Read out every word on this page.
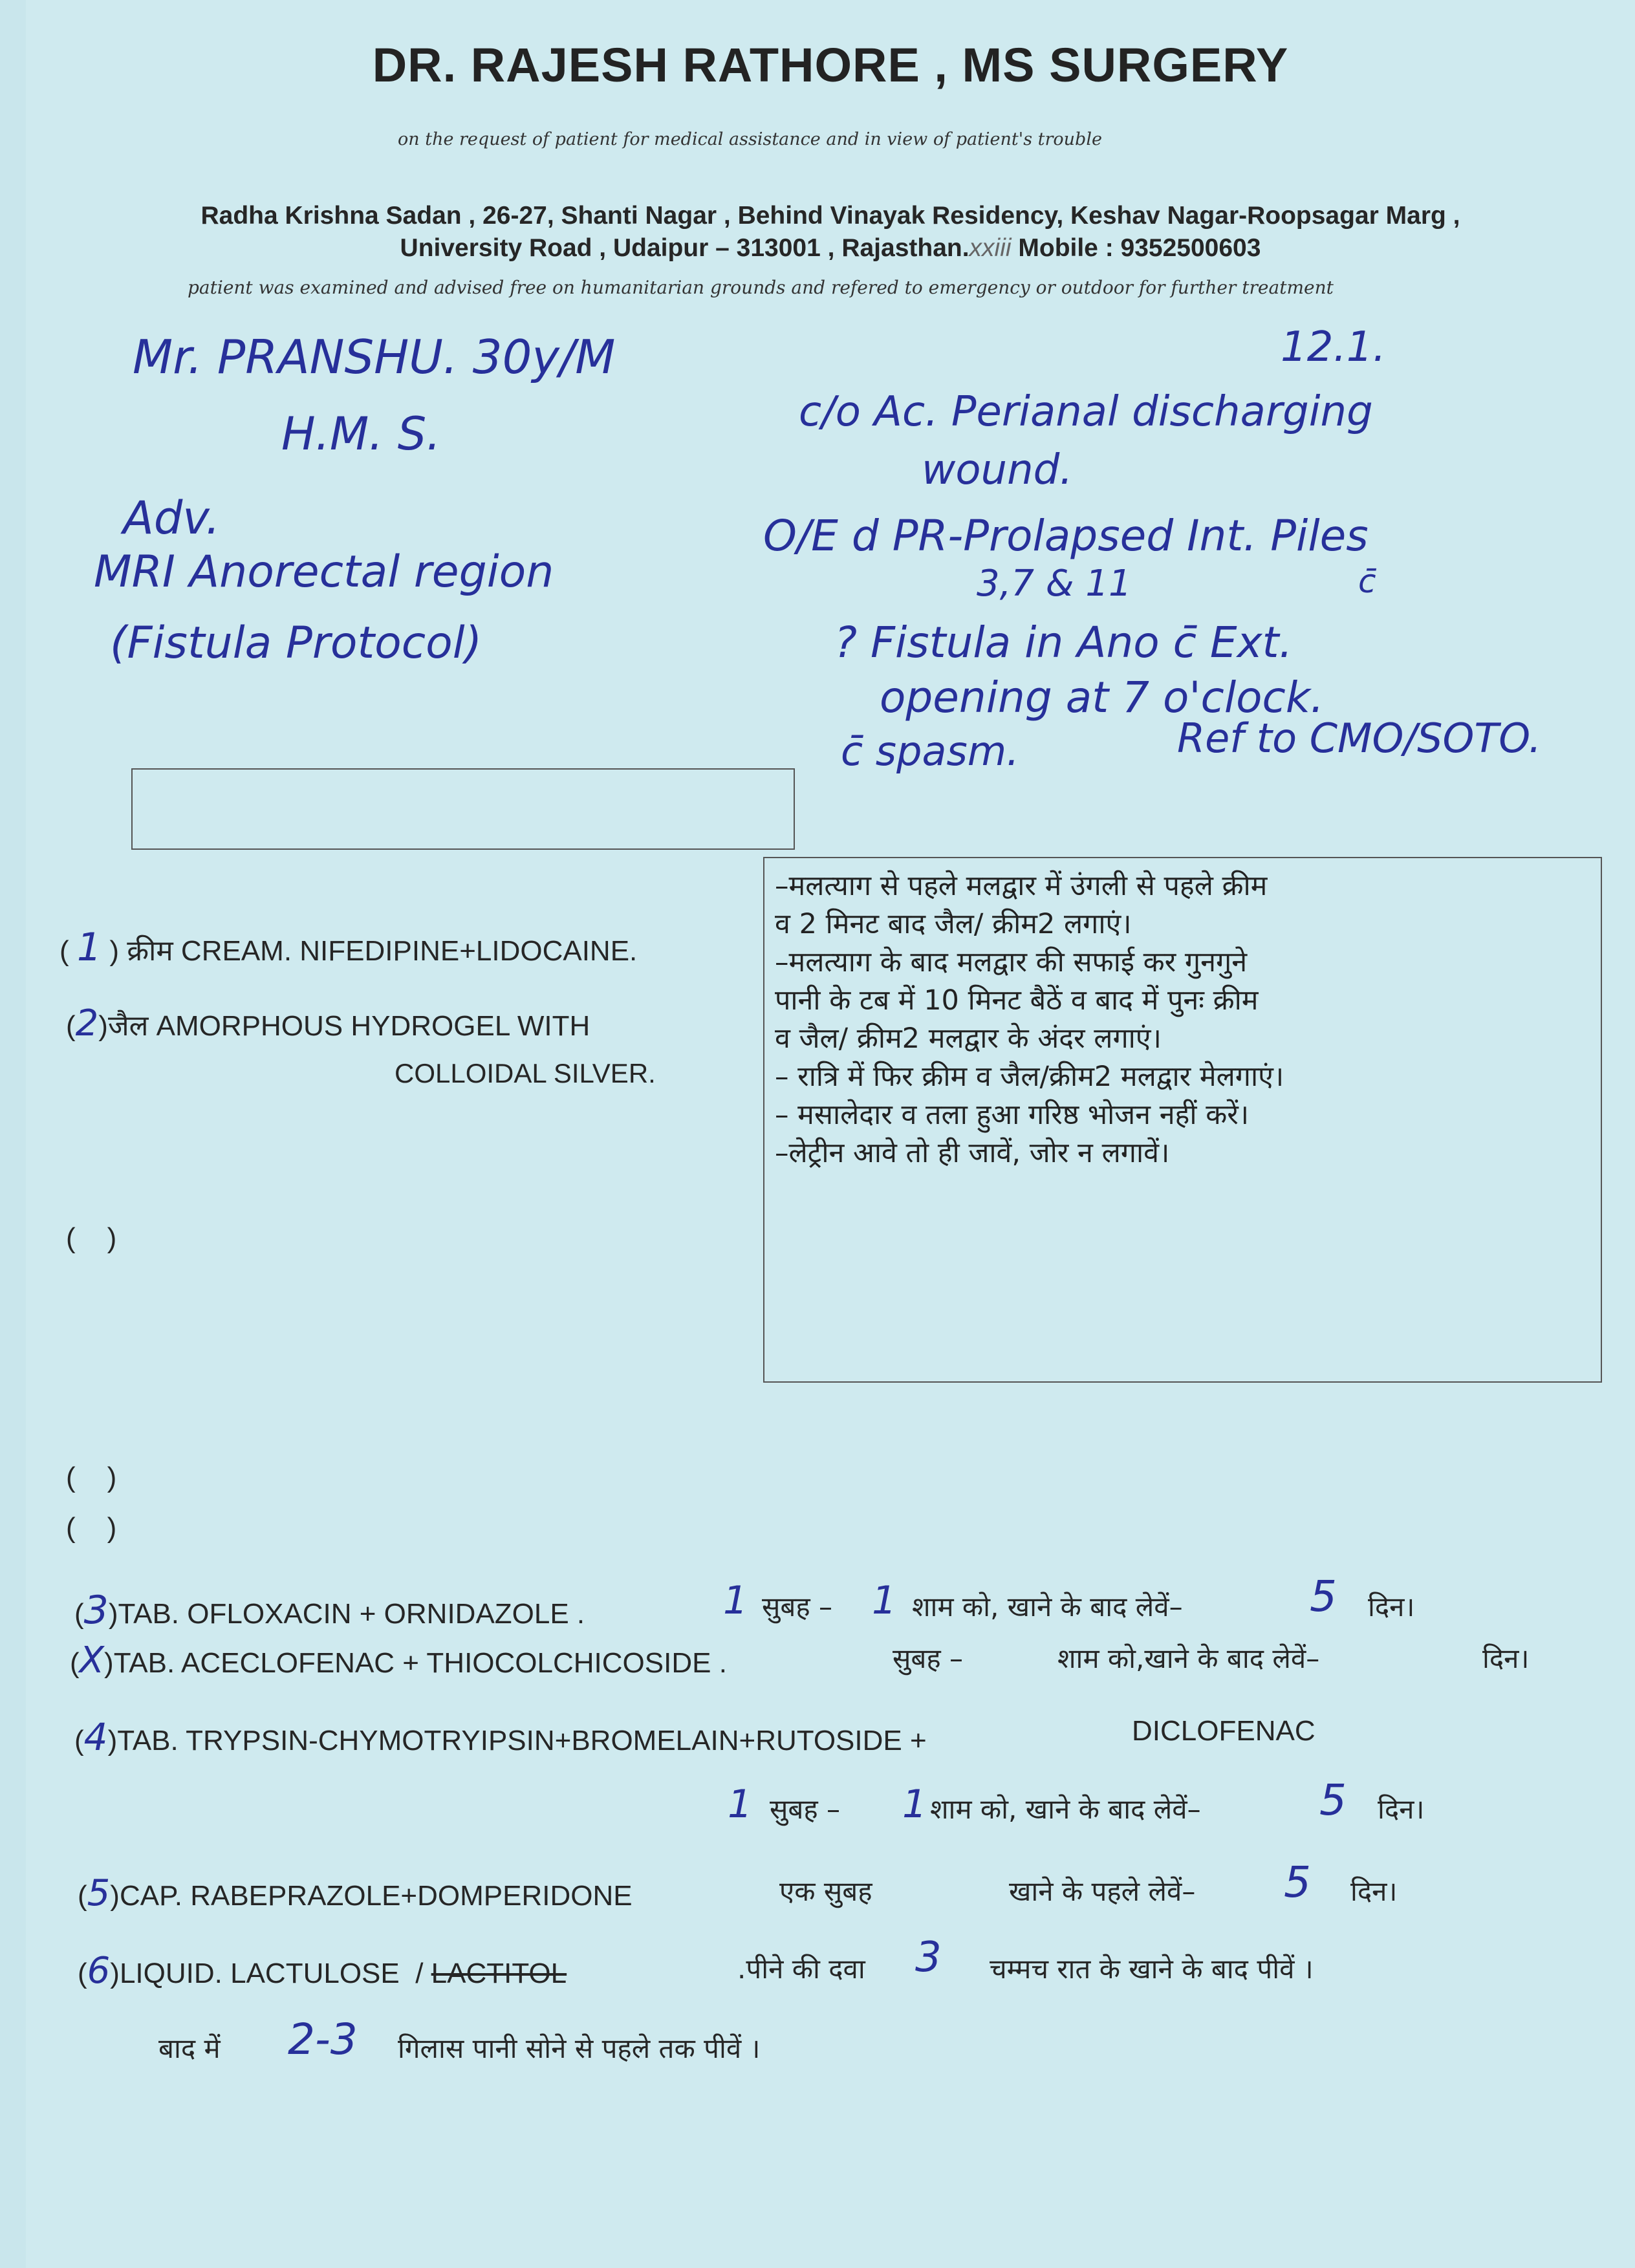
DR. RAJESH RATHORE , MS SURGERY
on the request of patient for medical assistance and in view of patient's trouble
Radha Krishna Sadan , 26-27, Shanti Nagar , Behind Vinayak Residency, Keshav Nagar-Roopsagar Marg ,
University Road , Udaipur – 313001 , Rajasthan.xxiii Mobile : 9352500603
patient was examined and advised free on humanitarian grounds and refered to emergency or outdoor for further treatment
Mr. PRANSHU. 30y/M	12.1.
H.M. S.	c/o Ac. Perianal discharging
wound.
Adv.
MRI Anorectal region
(Fistula Protocol)
O/E d PR-Prolapsed Int. Piles
3,7 & 11	c̄
? Fistula in Ano c̄ Ext.
opening at 7 o'clock.
c̄ spasm.	Ref to CMO/SOTO.
( 1 ) क्रीम CREAM. NIFEDIPINE+LIDOCAINE.
(2)जैल AMORPHOUS HYDROGEL WITH
COLLOIDAL SILVER.
–मलत्याग से पहले मलद्वार में उंगली से पहले क्रीम
व 2 मिनट बाद जैल/ क्रीम2 लगाएं।
–मलत्याग के बाद मलद्वार की सफाई कर गुनगुने
पानी के टब में 10 मिनट बैठें व बाद में पुनः क्रीम
व जैल/ क्रीम2 मलद्वार के अंदर लगाएं।
– रात्रि में फिर क्रीम व जैल/क्रीम2 मलद्वार मेलगाएं।
– मसालेदार व तला हुआ गरिष्ठ भोजन नहीं करें।
–लेट्रीन आवे तो ही जावें, जोर न लगावें।
( )
( )
( )
(3)TAB. OFLOXACIN + ORNIDAZOLE .	1 सुबह – 1 शाम को, खाने के बाद लेवें–	5 दिन।
(X)TAB. ACECLOFENAC + THIOCOLCHICOSIDE .	सुबह –	शाम को,खाने के बाद लेवें–	दिन।
(4)TAB. TRYPSIN-CHYMOTRYIPSIN+BROMELAIN+RUTOSIDE +	DICLOFENAC
1 सुबह – 1 शाम को, खाने के बाद लेवें–	5 दिन।
(5)CAP. RABEPRAZOLE+DOMPERIDONE	एक सुबह	खाने के पहले लेवें– 5 दिन।
(6)LIQUID. LACTULOSE / LACTITOL	.पीने की दवा 3 चम्मच रात के खाने के बाद पीवें ।
बाद में 2-3 गिलास पानी सोने से पहले तक पीवें ।
